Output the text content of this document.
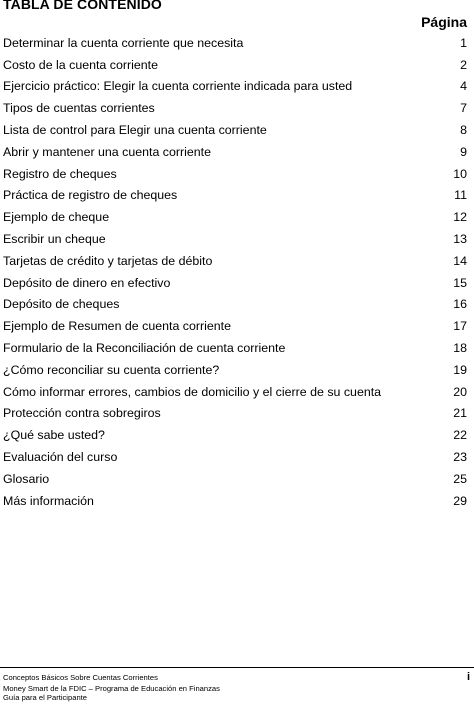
TABLA DE CONTENIDO
Página
Determinar la cuenta corriente que necesita	1
Costo de la cuenta corriente	2
Ejercicio práctico: Elegir la cuenta corriente indicada para usted	4
Tipos de cuentas corrientes	7
Lista de control para Elegir una cuenta corriente	8
Abrir y mantener una cuenta corriente	9
Registro de cheques	10
Práctica de registro de cheques	11
Ejemplo de cheque	12
Escribir un cheque	13
Tarjetas de crédito y tarjetas de débito	14
Depósito de dinero en efectivo	15
Depósito de cheques	16
Ejemplo de Resumen de cuenta corriente	17
Formulario de la Reconciliación de cuenta corriente	18
¿Cómo reconciliar su cuenta corriente?	19
Cómo informar errores, cambios de domicilio y el cierre de su cuenta	20
Protección contra sobregiros	21
¿Qué sabe usted?	22
Evaluación del curso	23
Glosario	25
Más información	29
Conceptos Básicos Sobre Cuentas Corrientes
Money Smart de la FDIC – Programa de Educación en Finanzas
Guía para el Participante
i
